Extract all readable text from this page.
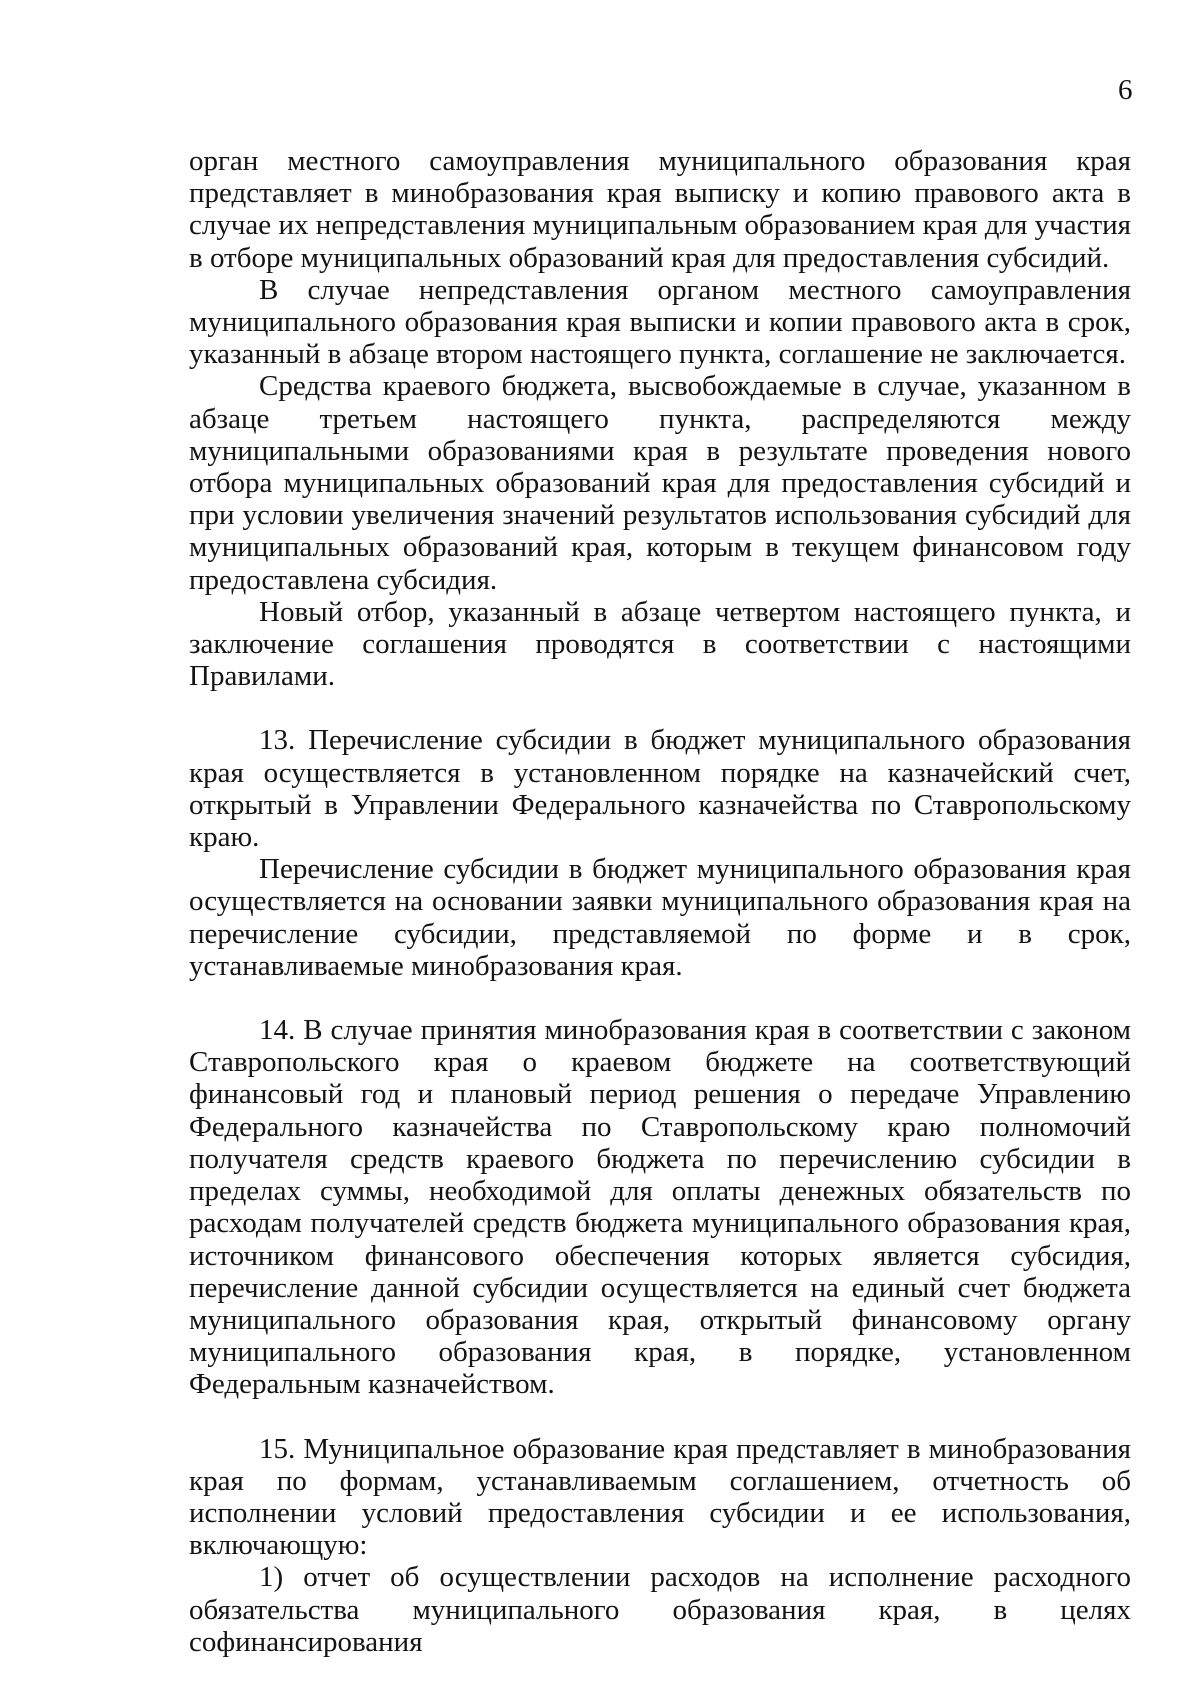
6

орган местного самоуправления муниципального образования края представляет в минобразования края выписку и копию правового акта в случае их непредставления муниципальным образованием края для участия в отборе муниципальных образований края для предоставления субсидий.

В случае непредставления органом местного самоуправления муниципального образования края выписки и копии правового акта в срок, указанный в абзаце втором настоящего пункта, соглашение не заключается.

Средства краевого бюджета, высвобождаемые в случае, указанном в абзаце третьем настоящего пункта, распределяются между муниципальными образованиями края в результате проведения нового отбора муниципальных образований края для предоставления субсидий и при условии увеличения значений результатов использования субсидий для муниципальных образований края, которым в текущем финансовом году предоставлена субсидия.

Новый отбор, указанный в абзаце четвертом настоящего пункта, и заключение соглашения проводятся в соответствии с настоящими Правилами.

13. Перечисление субсидии в бюджет муниципального образования края осуществляется в установленном порядке на казначейский счет, открытый в Управлении Федерального казначейства по Ставропольскому краю.

Перечисление субсидии в бюджет муниципального образования края осуществляется на основании заявки муниципального образования края на перечисление субсидии, представляемой по форме и в срок, устанавливаемые минобразования края.

14. В случае принятия минобразования края в соответствии с законом Ставропольского края о краевом бюджете на соответствующий финансовый год и плановый период решения о передаче Управлению Федерального казначейства по Ставропольскому краю полномочий получателя средств краевого бюджета по перечислению субсидии в пределах суммы, необходимой для оплаты денежных обязательств по расходам получателей средств бюджета муниципального образования края, источником финансового обеспечения которых является субсидия, перечисление данной субсидии осуществляется на единый счет бюджета муниципального образования края, открытый финансовому органу муниципального образования края, в порядке, установленном Федеральным казначейством.

15. Муниципальное образование края представляет в минобразования края по формам, устанавливаемым соглашением, отчетность об исполнении условий предоставления субсидии и ее использования, включающую:

1) отчет об осуществлении расходов на исполнение расходного обязательства муниципального образования края, в целях софинансирования
